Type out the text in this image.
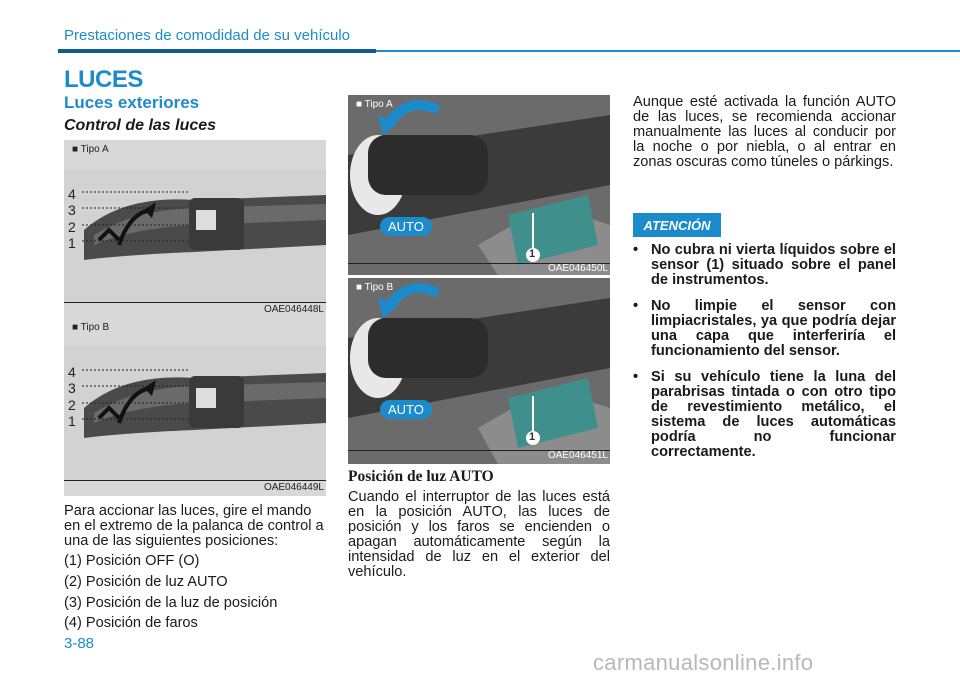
Prestaciones de comodidad de su vehículo
LUCES
Luces exteriores
Control de las luces
■ Tipo A
4
3
2
1
OAE046448L
■ Tipo B
4
3
2
1
OAE046449L
Para accionar las luces, gire el mando en el extremo de la palanca de control a una de las siguientes posiciones:
(1) Posición OFF (O)
(2) Posición de luz AUTO
(3) Posición de la luz de posición
(4) Posición de faros
■ Tipo A
AUTO
1
OAE046450L
■ Tipo B
AUTO
1
OAE046451L
Posición de luz AUTO
Cuando el interruptor de las luces está en la posición AUTO, las luces de posición y los faros se encienden o apagan automáticamente según la intensidad de luz en el exterior del vehículo.
Aunque esté activada la función AUTO de las luces, se recomienda accionar manualmente las luces al conducir por la noche o por niebla, o al entrar en zonas oscuras como túneles o párkings.
ATENCIÓN
• No cubra ni vierta líquidos sobre el sensor (1) situado sobre el panel de instrumentos.
• No limpie el sensor con limpiacristales, ya que podría dejar una capa que interferiría el funcionamiento del sensor.
• Si su vehículo tiene la luna del parabrisas tintada o con otro tipo de revestimiento metálico, el sistema de luces automáticas podría no funcionar correctamente.
3-88
carmanualsonline.info
